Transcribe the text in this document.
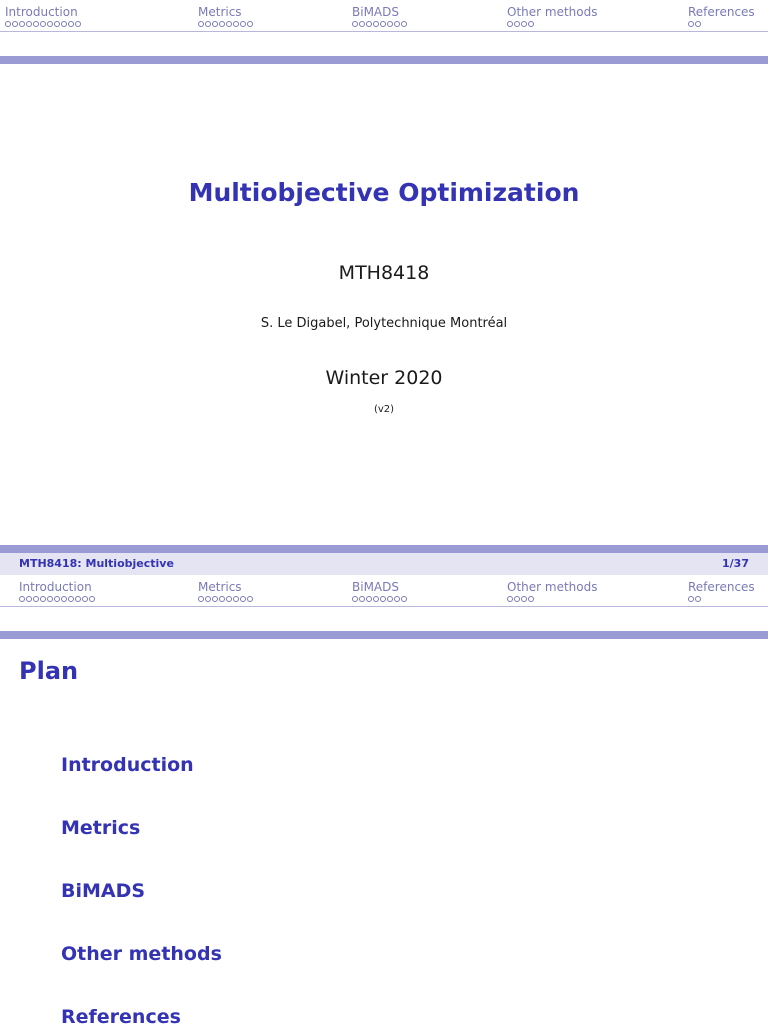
Introduction	Metrics	BiMADS	Other methods	References
Multiobjective Optimization
MTH8418
S. Le Digabel, Polytechnique Montréal
Winter 2020
(v2)
MTH8418: Multiobjective	1/37
Introduction	Metrics	BiMADS	Other methods	References
Plan
Introduction
Metrics
BiMADS
Other methods
References
